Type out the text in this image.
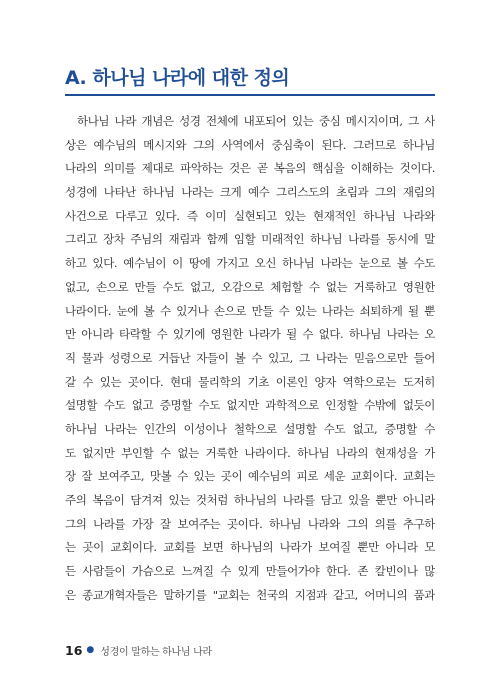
A. 하나님 나라에 대한 정의
하나님 나라 개념은 성경 전체에 내포되어 있는 중심 메시지이며, 그 사
상은 예수님의 메시지와 그의 사역에서 중심축이 된다. 그러므로 하나님
나라의 의미를 제대로 파악하는 것은 곧 복음의 핵심을 이해하는 것이다.
성경에 나타난 하나님 나라는 크게 예수 그리스도의 초림과 그의 재림의
사건으로 다루고 있다. 즉 이미 실현되고 있는 현재적인 하나님 나라와
그리고 장차 주님의 재림과 함께 임할 미래적인 하나님 나라를 동시에 말
하고 있다. 예수님이 이 땅에 가지고 오신 하나님 나라는 눈으로 볼 수도
없고, 손으로 만들 수도 없고, 오감으로 체험할 수 없는 거룩하고 영원한
나라이다. 눈에 볼 수 있거나 손으로 만들 수 있는 나라는 쇠퇴하게 될 뿐
만 아니라 타락할 수 있기에 영원한 나라가 될 수 없다. 하나님 나라는 오
직 물과 성령으로 거듭난 자들이 볼 수 있고, 그 나라는 믿음으로만 들어
갈 수 있는 곳이다. 현대 물리학의 기초 이론인 양자 역학으로는 도저히
설명할 수도 없고 증명할 수도 없지만 과학적으로 인정할 수밖에 없듯이
하나님 나라는 인간의 이성이나 철학으로 설명할 수도 없고, 증명할 수
도 없지만 부인할 수 없는 거룩한 나라이다. 하나님 나라의 현재성을 가
장 잘 보여주고, 맛볼 수 있는 곳이 예수님의 피로 세운 교회이다. 교회는
주의 복음이 담겨져 있는 것처럼 하나님의 나라를 담고 있을 뿐만 아니라
그의 나라를 가장 잘 보여주는 곳이다. 하나님 나라와 그의 의를 추구하
는 곳이 교회이다. 교회를 보면 하나님의 나라가 보여질 뿐만 아니라 모
든 사람들이 가슴으로 느껴질 수 있게 만들어가야 한다. 존 칼빈이나 많
은 종교개혁자들은 말하기를 "교회는 천국의 지점과 같고, 어머니의 품과
16 ● 성경이 말하는 하나님 나라
